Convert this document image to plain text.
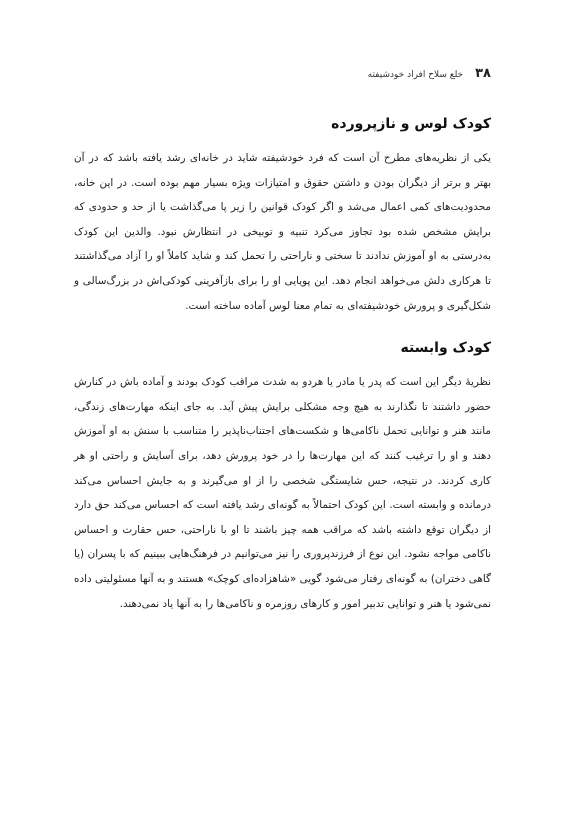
۳۸
خلع سلاح افراد خودشیفته
کودک لوس و نازپرورده

یکی از نظریه‌های مطرح آن است که فرد خودشیفته شاید در خانه‌ای رشد یافته باشد که در آن بهتر و برتر از دیگران بودن و داشتن حقوق و امتیازات ویژه بسیار مهم بوده است. در این خانه، محدودیت‌های کمی اعمال می‌شد و اگر کودک قوانین را زیر پا می‌گذاشت یا از حد و حدودی که برایش مشخص شده بود تجاوز می‌کرد تنبیه و توبیخی در انتظارش نبود. والدین این کودک به‌درستی به او آموزش ندادند تا سختی و ناراحتی را تحمل کند و شاید کاملاً او را آزاد می‌گذاشتند تا هرکاری دلش می‌خواهد انجام دهد. این پویایی او را برای بازآفرینی کودکی‌اش در بزرگ‌سالی و شکل‌گیری و پرورش خودشیفته‌ای به تمام معنا لوس آماده ساخته است.

کودک وابسته

نظریهٔ دیگر این است که پدر یا مادر یا هردو به شدت مراقب کودک بودند و آماده باش در کنارش حضور داشتند تا نگذارند به هیچ وجه مشکلی برایش پیش آید. به جای اینکه مهارت‌های زندگی، مانند هنر و توانایی تحمل ناکامی‌ها و شکست‌های اجتناب‌ناپذیر را متناسب با سنش به او آموزش دهند و او را ترغیب کنند که این مهارت‌ها را در خود پرورش دهد، برای آسایش و راحتی او هر کاری کردند. در نتیجه، حس شایستگی شخصی را از او می‌گیرند و به جایش احساس می‌کند درمانده و وابسته است. این کودک احتمالاً به گونه‌ای رشد یافته است که احساس می‌کند حق دارد از دیگران توقع داشته باشد که مراقب همه چیز باشند تا او با ناراحتی، حس حقارت و احساس ناکامی مواجه نشود. این نوع از فرزندپروری را نیز می‌توانیم در فرهنگ‌هایی ببینیم که با پسران (یا گاهی دختران) به گونه‌ای رفتار می‌شود گویی «شاهزاده‌ای کوچک» هستند و به آنها مسئولیتی داده نمی‌شود یا هنر و توانایی تدبیر امور و کارهای روزمره و ناکامی‌ها را به آنها یاد نمی‌دهند.
